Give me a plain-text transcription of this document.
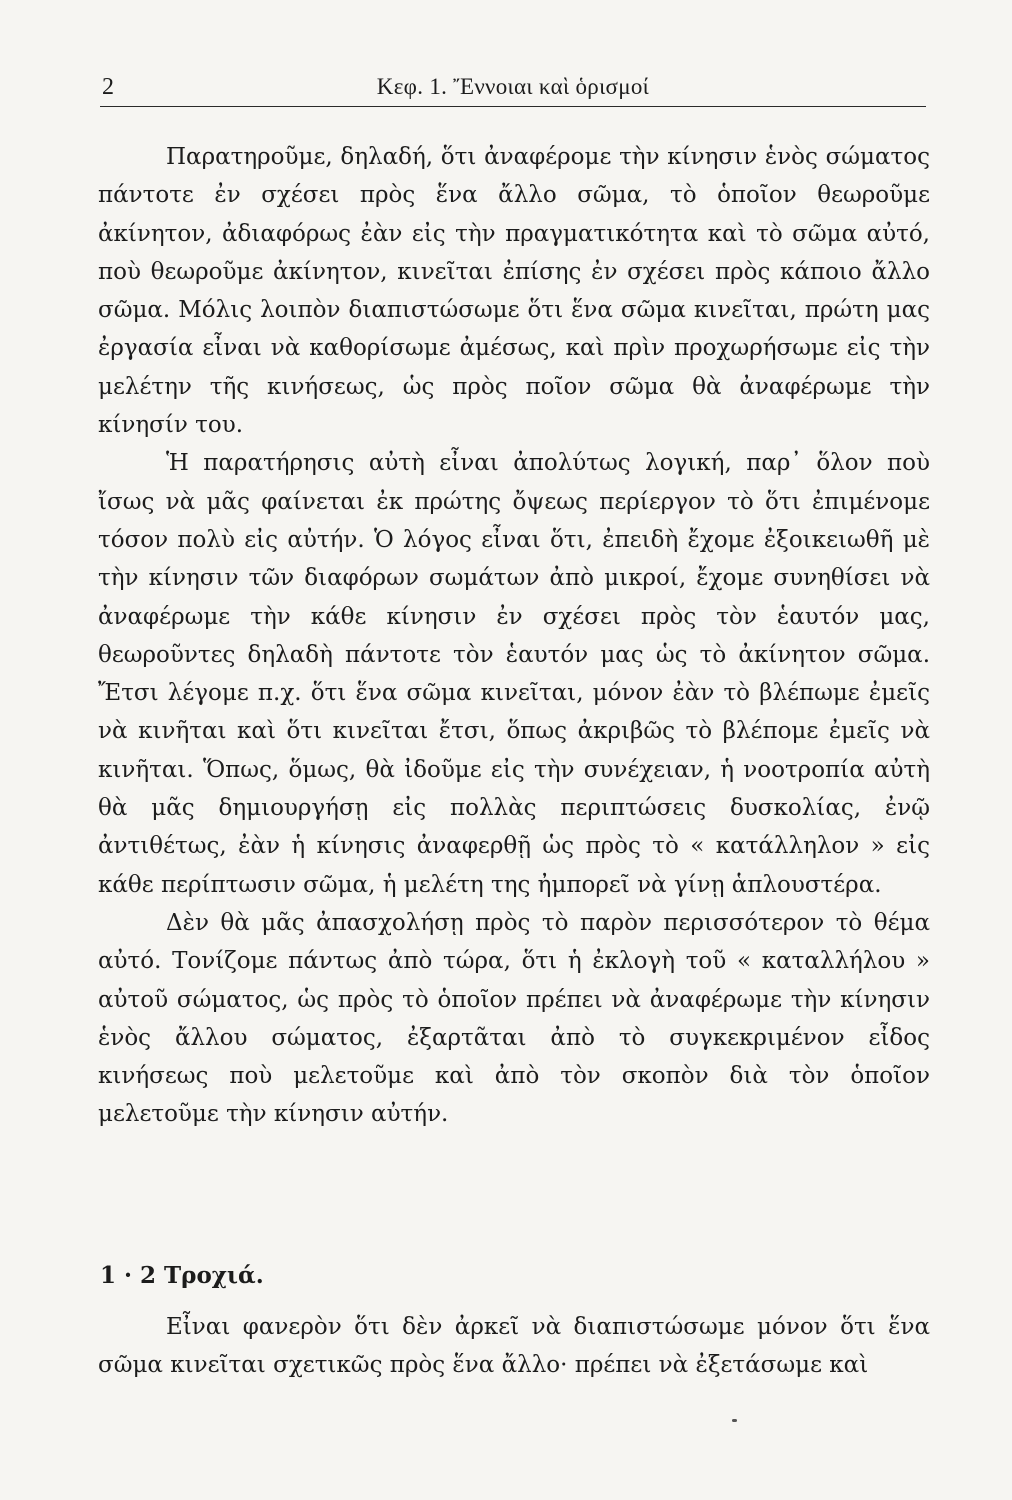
2	Κεφ. 1. Ἔννοιαι καὶ ὁρισμοί

Παρατηροῦμε, δηλαδή, ὅτι ἀναφέρομε τὴν κίνησιν ἑνὸς σώματος πάντοτε ἐν σχέσει πρὸς ἕνα ἄλλο σῶμα, τὸ ὁποῖον θεωροῦμε ἀκίνητον, ἀδιαφόρως ἐὰν εἰς τὴν πραγματικότητα καὶ τὸ σῶμα αὐτό, ποὺ θεωροῦμε ἀκίνητον, κινεῖται ἐπίσης ἐν σχέσει πρὸς κάποιο ἄλλο σῶμα. Μόλις λοιπὸν διαπιστώσωμε ὅτι ἕνα σῶμα κινεῖται, πρώτη μας ἐργασία εἶναι νὰ καθορίσωμε ἀμέσως, καὶ πρὶν προχωρήσωμε εἰς τὴν μελέτην τῆς κινήσεως, ὡς πρὸς ποῖον σῶμα θὰ ἀναφέρωμε τὴν κίνησίν του.

Ἡ παρατήρησις αὐτὴ εἶναι ἀπολύτως λογική, παρ᾿ ὅλον ποὺ ἴσως νὰ μᾶς φαίνεται ἐκ πρώτης ὄψεως περίεργον τὸ ὅτι ἐπιμένομε τόσον πολὺ εἰς αὐτήν. Ὁ λόγος εἶναι ὅτι, ἐπειδὴ ἔχομε ἐξοικειωθῆ μὲ τὴν κίνησιν τῶν διαφόρων σωμάτων ἀπὸ μικροί, ἔχομε συνηθίσει νὰ ἀναφέρωμε τὴν κάθε κίνησιν ἐν σχέσει πρὸς τὸν ἑαυτόν μας, θεωροῦντες δηλαδὴ πάντοτε τὸν ἑαυτόν μας ὡς τὸ ἀκίνητον σῶμα. Ἔτσι λέγομε π.χ. ὅτι ἕνα σῶμα κινεῖται, μόνον ἐὰν τὸ βλέπωμε ἐμεῖς νὰ κινῆται καὶ ὅτι κινεῖται ἔτσι, ὅπως ἀκριβῶς τὸ βλέπομε ἐμεῖς νὰ κινῆται. Ὅπως, ὅμως, θὰ ἰδοῦμε εἰς τὴν συνέχειαν, ἡ νοοτροπία αὐτὴ θὰ μᾶς δημιουργήσῃ εἰς πολλὰς περιπτώσεις δυσκολίας, ἐνῷ ἀντιθέτως, ἐὰν ἡ κίνησις ἀναφερθῇ ὡς πρὸς τὸ « κατάλληλον » εἰς κάθε περίπτωσιν σῶμα, ἡ μελέτη της ἠμπορεῖ νὰ γίνῃ ἁπλουστέρα.

Δὲν θὰ μᾶς ἀπασχολήσῃ πρὸς τὸ παρὸν περισσότερον τὸ θέμα αὐτό. Τονίζομε πάντως ἀπὸ τώρα, ὅτι ἡ ἐκλογὴ τοῦ « καταλλήλου » αὐτοῦ σώματος, ὡς πρὸς τὸ ὁποῖον πρέπει νὰ ἀναφέρωμε τὴν κίνησιν ἑνὸς ἄλλου σώματος, ἐξαρτᾶται ἀπὸ τὸ συγκεκριμένον εἶδος κινήσεως ποὺ μελετοῦμε καὶ ἀπὸ τὸν σκοπὸν διὰ τὸν ὁποῖον μελετοῦμε τὴν κίνησιν αὐτήν.

1 · 2 Τροχιά.

Εἶναι φανερὸν ὅτι δὲν ἀρκεῖ νὰ διαπιστώσωμε μόνον ὅτι ἕνα σῶμα κινεῖται σχετικῶς πρὸς ἕνα ἄλλο· πρέπει νὰ ἐξετάσωμε καὶ
